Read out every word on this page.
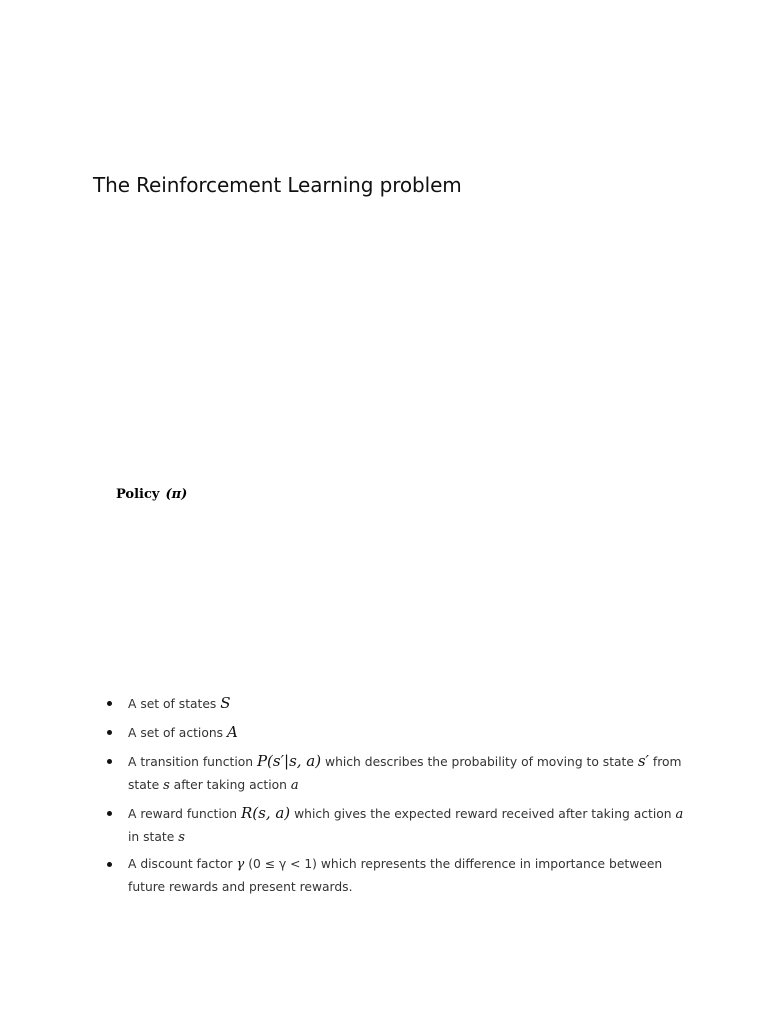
The Reinforcement Learning problem
Policy (π)
A set of states S
A set of actions A
A transition function P(s′|s, a) which describes the probability of moving to state s′ from
state s after taking action a
A reward function R(s, a) which gives the expected reward received after taking action a
in state s
A discount factor γ (0 ≤ γ < 1) which represents the difference in importance between
future rewards and present rewards.
